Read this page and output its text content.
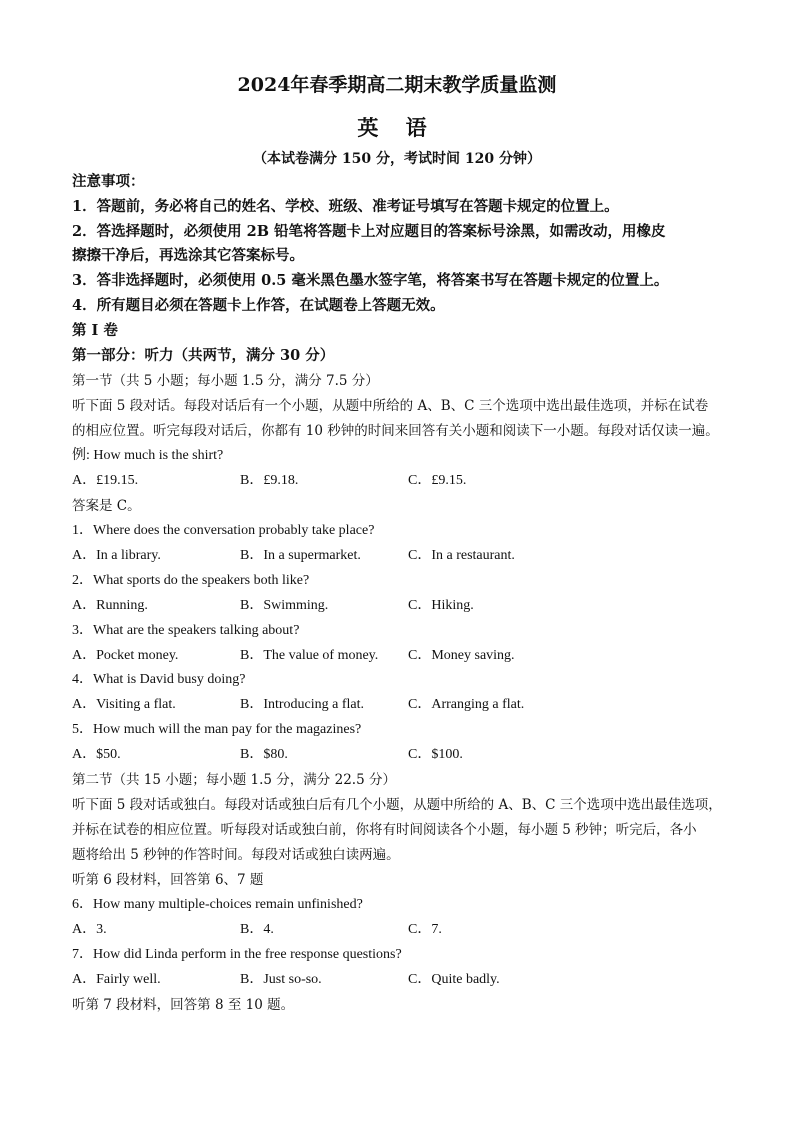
2024年春季期高二期末教学质量监测
英 语
（本试卷满分 150 分，考试时间 120 分钟）
注意事项：
1．答题前，务必将自己的姓名、学校、班级、准考证号填写在答题卡规定的位置上。
2．答选择题时，必须使用 2B 铅笔将答题卡上对应题目的答案标号涂黑，如需改动，用橡皮
擦擦干净后，再选涂其它答案标号。
3．答非选择题时，必须使用 0.5 毫米黑色墨水签字笔，将答案书写在答题卡规定的位置上。
4．所有题目必须在答题卡上作答，在试题卷上答题无效。
第 Ⅰ 卷
第一部分：听力（共两节，满分 30 分）
第一节（共 5 小题；每小题 1.5 分，满分 7.5 分）
听下面 5 段对话。每段对话后有一个小题，从题中所给的 A、B、C 三个选项中选出最佳选项，并标在试卷
的相应位置。听完每段对话后，你都有 10 秒钟的时间来回答有关小题和阅读下一小题。每段对话仅读一遍。
例: How much is the shirt?
A．£19.15.	B．£9.18.	C．£9.15.
答案是 C。
1．Where does the conversation probably take place?
A．In a library.	B．In a supermarket.	C．In a restaurant.
2．What sports do the speakers both like?
A．Running.	B．Swimming.	C．Hiking.
3．What are the speakers talking about?
A．Pocket money.	B．The value of money. C．Money saving.
4．What is David busy doing?
A．Visiting a flat.	B．Introducing a flat.	C．Arranging a flat.
5．How much will the man pay for the magazines?
A．$50.	B．$80.	C．$100.
第二节（共 15 小题；每小题 1.5 分，满分 22.5 分）
听下面 5 段对话或独白。每段对话或独白后有几个小题，从题中所给的 A、B、C 三个选项中选出最佳选项，
并标在试卷的相应位置。听每段对话或独白前，你将有时间阅读各个小题，每小题 5 秒钟；听完后，各小
题将给出 5 秒钟的作答时间。每段对话或独白读两遍。
听第 6 段材料，回答第 6、7 题
6．How many multiple-choices remain unfinished?
A．3.	B．4.	C．7.
7．How did Linda perform in the free response questions?
A．Fairly well.	B．Just so-so.	C．Quite badly.
听第 7 段材料，回答第 8 至 10 题。
